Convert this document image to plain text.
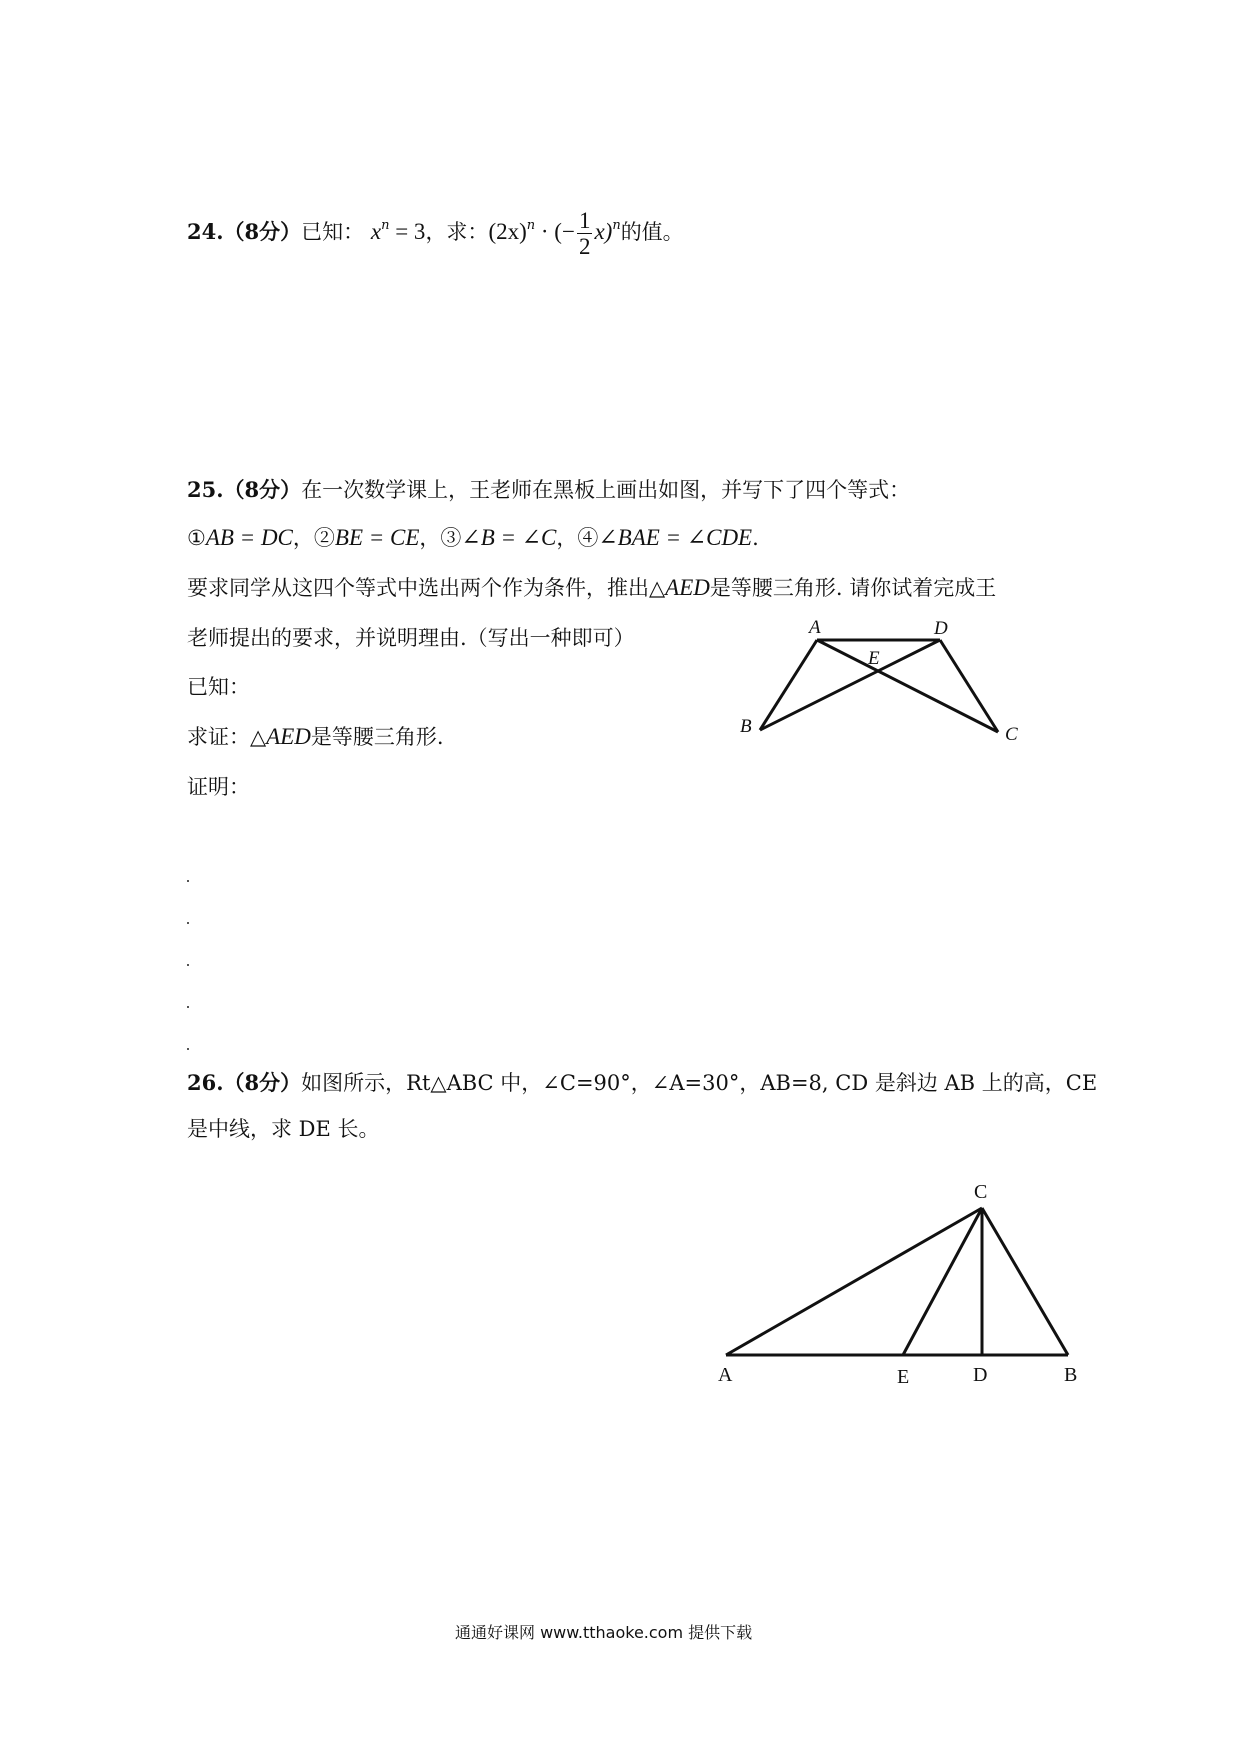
24.（8分）已知： $x^n = 3$，求：$(2x)^n$ · (− $\frac{1}{2} x)^n$的值。
25.（8分）在一次数学课上，王老师在黑板上画出如图，并写下了四个等式：
①AB = DC，②BE = CE，③∠B = ∠C，④∠BAE = ∠CDE.
要求同学从这四个等式中选出两个作为条件，推出△AED是等腰三角形. 请你试着完成王
老师提出的要求，并说明理由.（写出一种即可）
已知：
求证：△AED是等腰三角形.
证明：
A	D
E
B	C
26.（8分）如图所示，Rt△ABC 中，∠C=90°，∠A=30°，AB=8, CD 是斜边 AB 上的高，CE
是中线，求 DE 长。
C
A	E	D	B
通通好课网 www.tthaoke.com 提供下载
